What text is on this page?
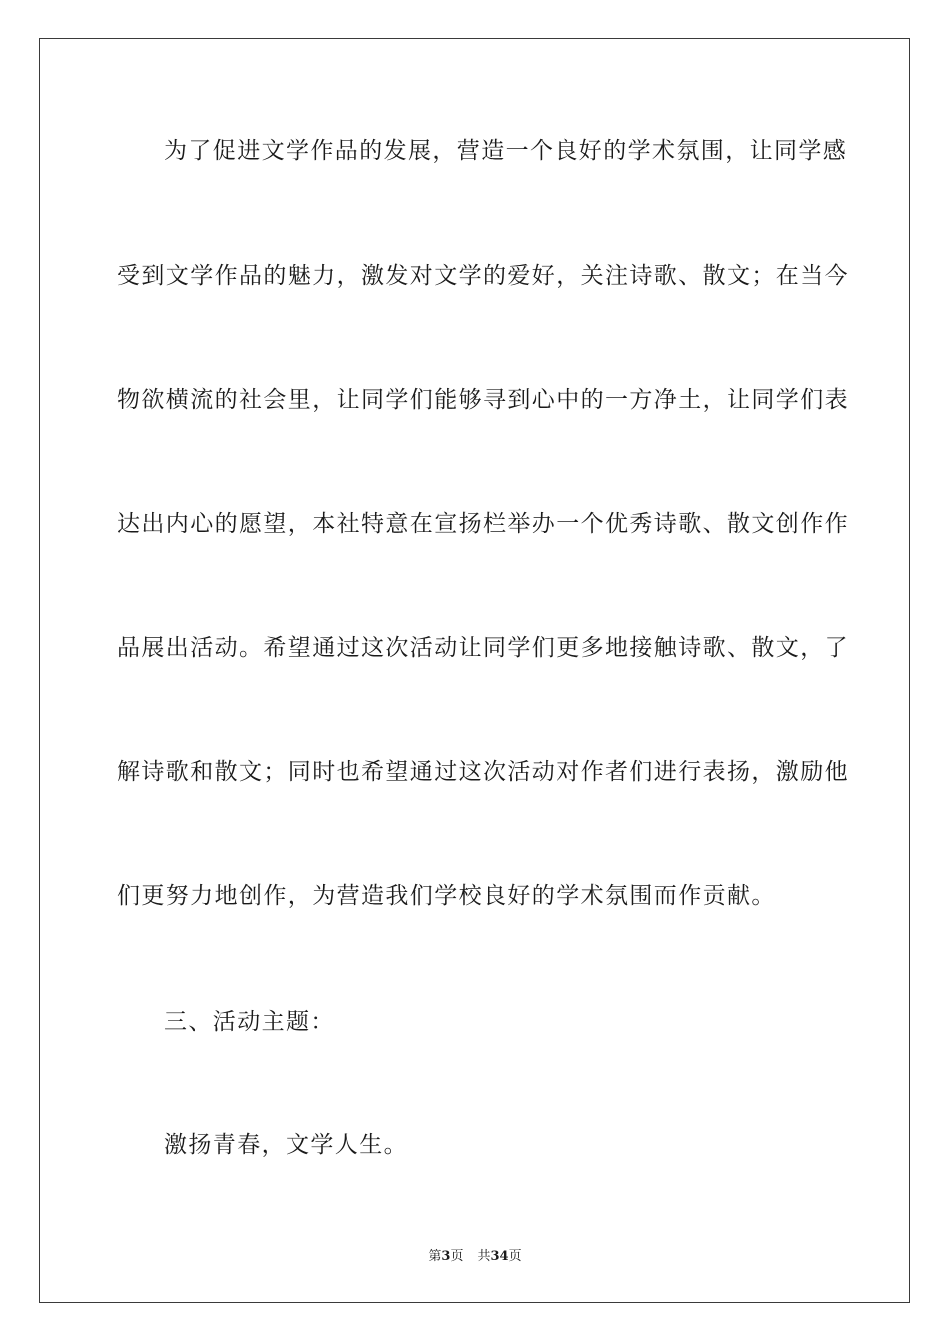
为了促进文学作品的发展，营造一个良好的学术氛围，让同学感
受到文学作品的魅力，激发对文学的爱好，关注诗歌、散文；在当今
物欲横流的社会里，让同学们能够寻到心中的一方净土，让同学们表
达出内心的愿望，本社特意在宣扬栏举办一个优秀诗歌、散文创作作
品展出活动。希望通过这次活动让同学们更多地接触诗歌、散文，了
解诗歌和散文；同时也希望通过这次活动对作者们进行表扬，激励他
们更努力地创作，为营造我们学校良好的学术氛围而作贡献。
三、活动主题：
激扬青春，文学人生。
第3页 共34页
